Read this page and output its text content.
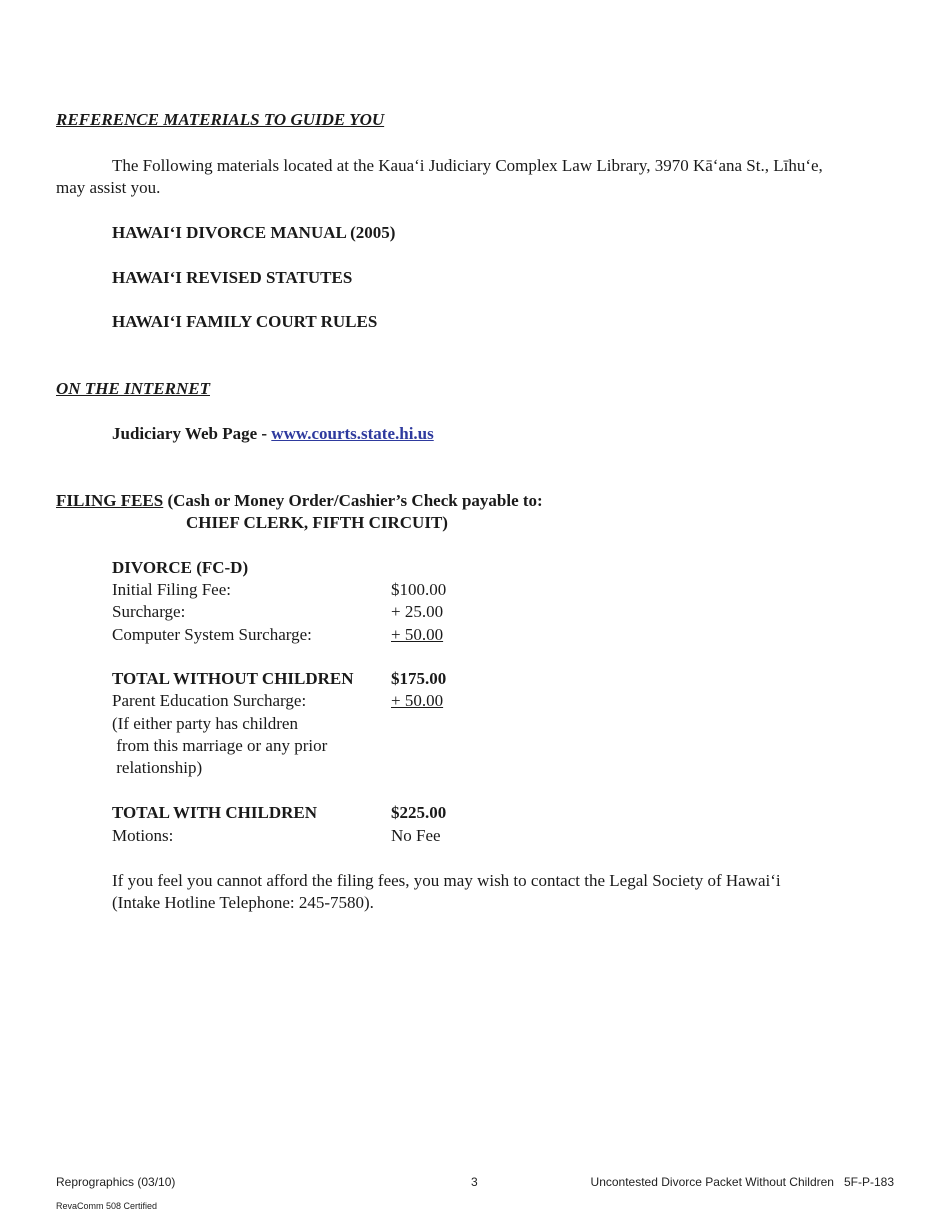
REFERENCE MATERIALS TO GUIDE YOU
The Following materials located at the Kaua‘i Judiciary Complex Law Library, 3970 Kā‘ana St., Līhu‘e,
may assist you.
HAWAI‘I DIVORCE MANUAL (2005)
HAWAI‘I REVISED STATUTES
HAWAI‘I FAMILY COURT RULES
ON THE INTERNET
Judiciary Web Page - www.courts.state.hi.us
FILING FEES (Cash or Money Order/Cashier’s Check payable to:
CHIEF CLERK, FIFTH CIRCUIT)
DIVORCE (FC-D)
Initial Filing Fee:	$100.00
Surcharge:	+ 25.00
Computer System Surcharge:	+ 50.00
TOTAL WITHOUT CHILDREN $175.00
Parent Education Surcharge:	+ 50.00
(If either party has children
from this marriage or any prior
relationship)
TOTAL WITH CHILDREN	$225.00
Motions:	No Fee
If you feel you cannot afford the filing fees, you may wish to contact the Legal Society of Hawai‘i
(Intake Hotline Telephone: 245-7580).
Reprographics (03/10)	3	Uncontested Divorce Packet Without Children   5F-P-183
RevaComm 508 Certified
